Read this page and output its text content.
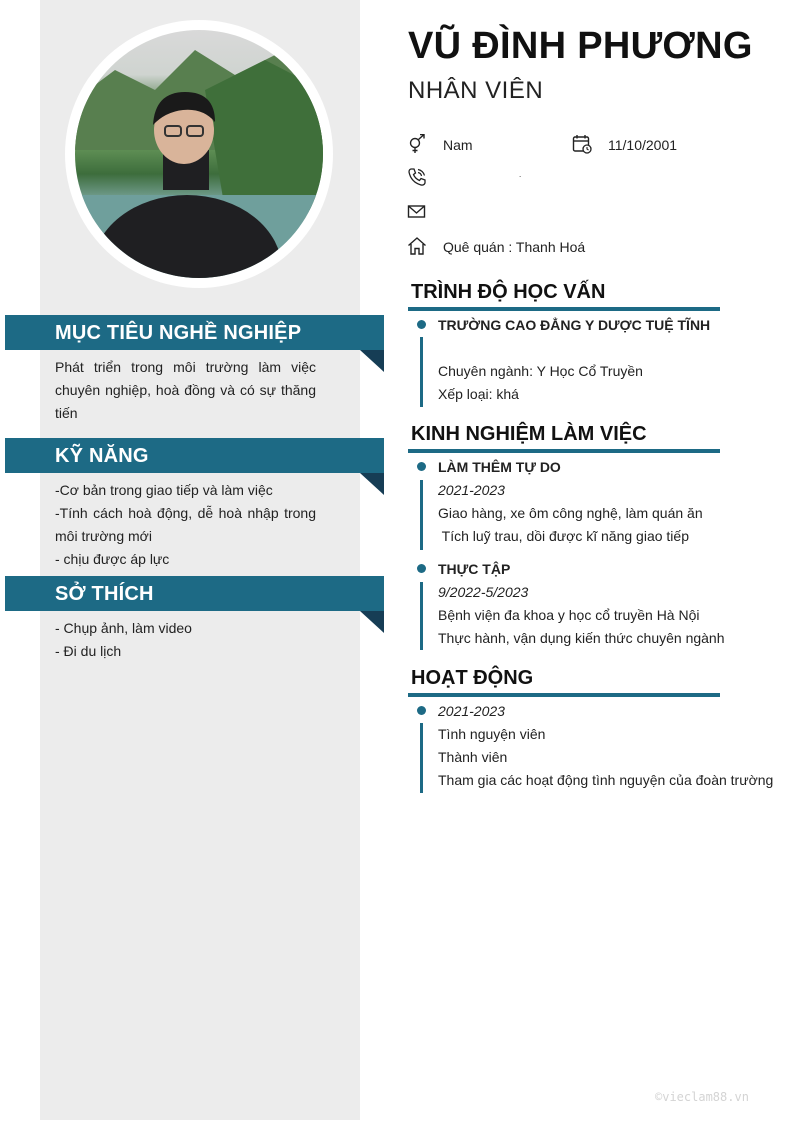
MỤC TIÊU NGHỀ NGHIỆP
Phát triển trong môi trường làm việc chuyên nghiệp, hoà đồng và có sự thăng tiến
KỸ NĂNG
-Cơ bản trong giao tiếp và làm việc
-Tính cách hoà động, dễ hoà nhập trong môi trường mới
- chịu được áp lực
SỞ THÍCH
- Chụp ảnh, làm video
- Đi du lịch
VŨ ĐÌNH PHƯƠNG
NHÂN VIÊN
Nam	11/10/2001
.
Quê quán : Thanh Hoá
TRÌNH ĐỘ HỌC VẤN
TRƯỜNG CAO ĐẲNG Y DƯỢC TUỆ TĨNH
Chuyên ngành: Y Học Cổ Truyền
Xếp loại: khá
KINH NGHIỆM LÀM VIỆC
LÀM THÊM TỰ DO
2021-2023
Giao hàng, xe ôm công nghệ, làm quán ăn
Tích luỹ trau, dồi được kĩ năng giao tiếp
THỰC TẬP
9/2022-5/2023
Bệnh viện đa khoa y học cổ truyền Hà Nội
Thực hành, vận dụng kiến thức chuyên ngành
HOẠT ĐỘNG
2021-2023
Tình nguyện viên
Thành viên
Tham gia các hoạt động tình nguyện của đoàn trường
©vieclam88.vn
